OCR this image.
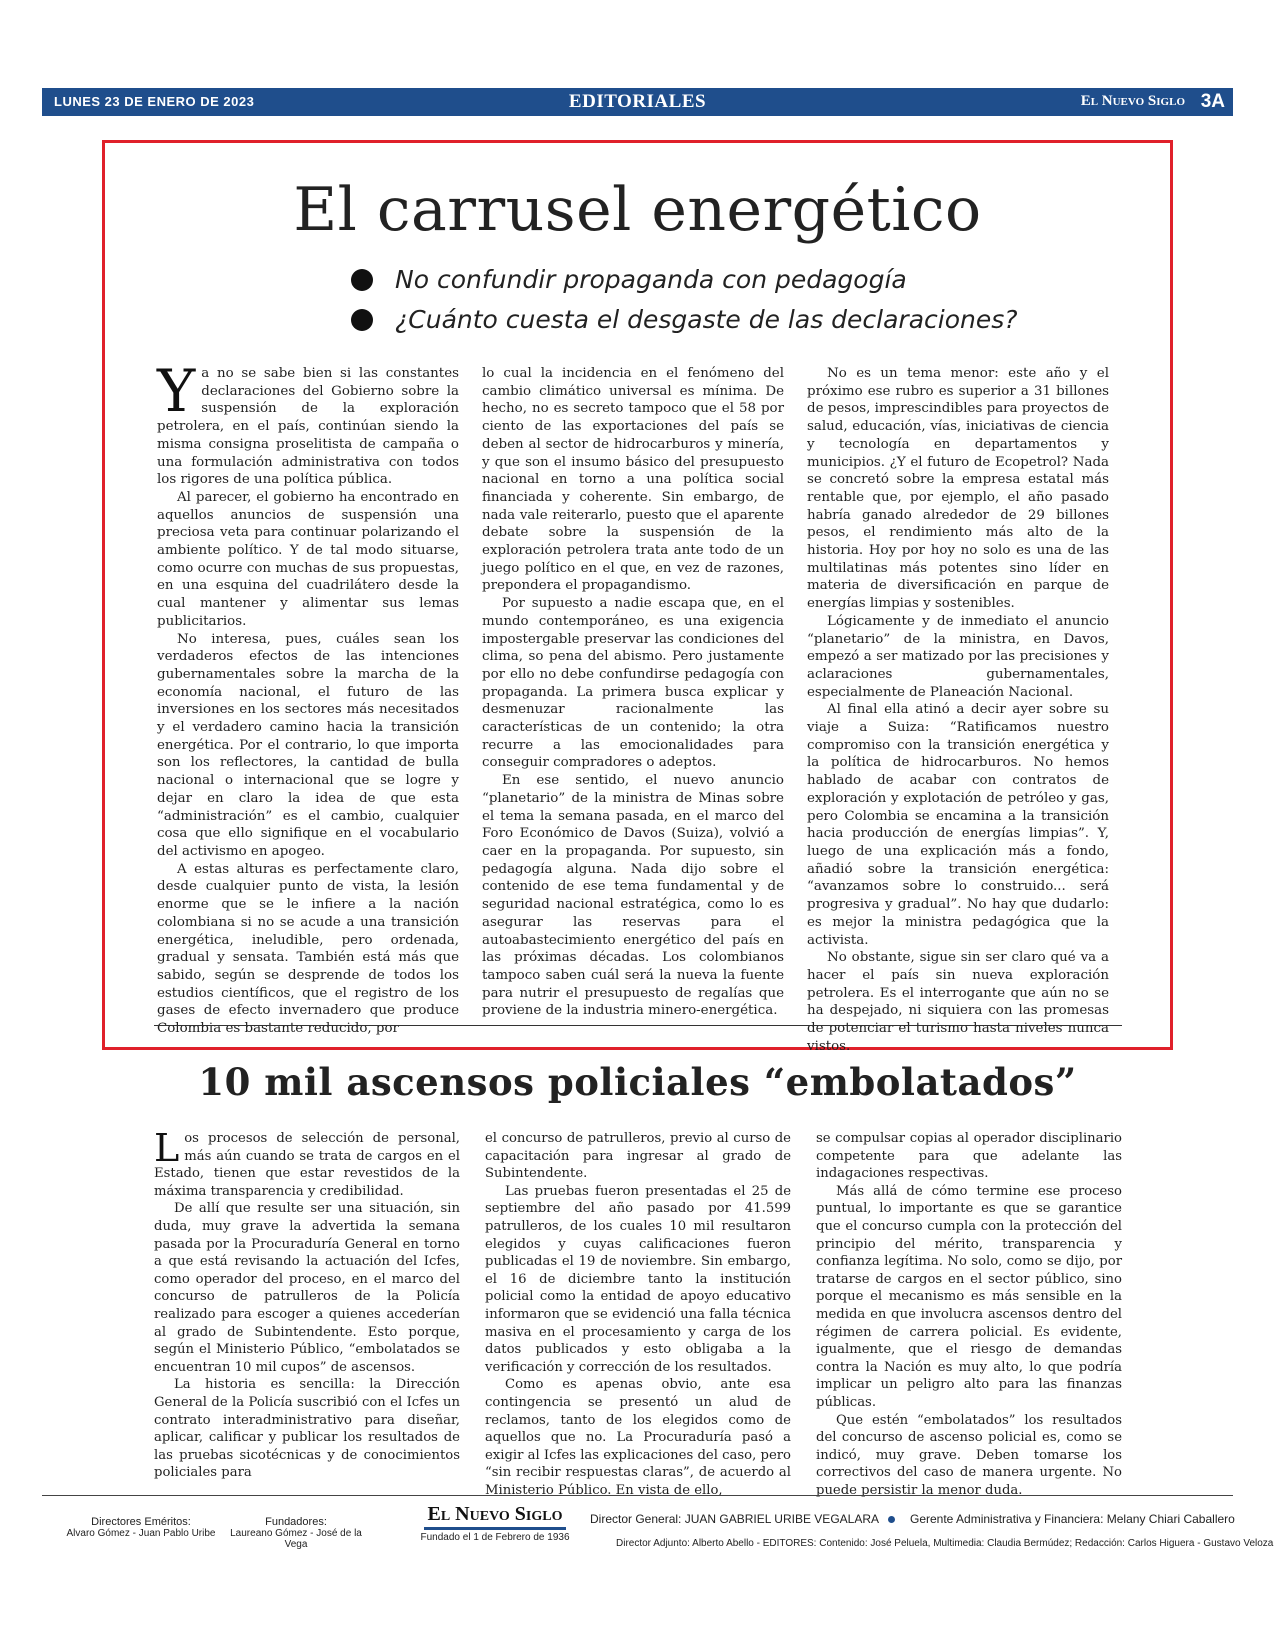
LUNES 23 DE ENERO DE 2023	EDITORIALES	El Nuevo Siglo 3A
El carrusel energético
No confundir propaganda con pedagogía
¿Cuánto cuesta el desgaste de las declaraciones?

Ya no se sabe bien si las constantes declaraciones del Gobierno sobre la suspensión de la exploración petrolera, en el país, continúan siendo la misma consigna proselitista de campaña o una formulación administrativa con todos los rigores de una política pública.

Al parecer, el gobierno ha encontrado en aquellos anuncios de suspensión una preciosa veta para continuar polarizando el ambiente político. Y de tal modo situarse, como ocurre con muchas de sus propuestas, en una esquina del cuadrilátero desde la cual mantener y alimentar sus lemas publicitarios.

No interesa, pues, cuáles sean los verdaderos efectos de las intenciones gubernamentales sobre la marcha de la economía nacional, el futuro de las inversiones en los sectores más necesitados y el verdadero camino hacia la transición energética. Por el contrario, lo que importa son los reflectores, la cantidad de bulla nacional o internacional que se logre y dejar en claro la idea de que esta “administración” es el cambio, cualquier cosa que ello signifique en el vocabulario del activismo en apogeo.

A estas alturas es perfectamente claro, desde cualquier punto de vista, la lesión enorme que se le infiere a la nación colombiana si no se acude a una transición energética, ineludible, pero ordenada, gradual y sensata. También está más que sabido, según se desprende de todos los estudios científicos, que el registro de los gases de efecto invernadero que produce Colombia es bastante reducido, por

lo cual la incidencia en el fenómeno del cambio climático universal es mínima. De hecho, no es secreto tampoco que el 58 por ciento de las exportaciones del país se deben al sector de hidrocarburos y minería, y que son el insumo básico del presupuesto nacional en torno a una política social financiada y coherente. Sin embargo, de nada vale reiterarlo, puesto que el aparente debate sobre la suspensión de la exploración petrolera trata ante todo de un juego político en el que, en vez de razones, prepondera el propagandismo.

Por supuesto a nadie escapa que, en el mundo contemporáneo, es una exigencia impostergable preservar las condiciones del clima, so pena del abismo. Pero justamente por ello no debe confundirse pedagogía con propaganda. La primera busca explicar y desmenuzar racionalmente las características de un contenido; la otra recurre a las emocionalidades para conseguir compradores o adeptos.

En ese sentido, el nuevo anuncio “planetario” de la ministra de Minas sobre el tema la semana pasada, en el marco del Foro Económico de Davos (Suiza), volvió a caer en la propaganda. Por supuesto, sin pedagogía alguna. Nada dijo sobre el contenido de ese tema fundamental y de seguridad nacional estratégica, como lo es asegurar las reservas para el autoabastecimiento energético del país en las próximas décadas. Los colombianos tampoco saben cuál será la nueva la fuente para nutrir el presupuesto de regalías que proviene de la industria minero-energética.

No es un tema menor: este año y el próximo ese rubro es superior a 31 billones de pesos, imprescindibles para proyectos de salud, educación, vías, iniciativas de ciencia y tecnología en departamentos y municipios. ¿Y el futuro de Ecopetrol? Nada se concretó sobre la empresa estatal más rentable que, por ejemplo, el año pasado habría ganado alrededor de 29 billones pesos, el rendimiento más alto de la historia. Hoy por hoy no solo es una de las multilatinas más potentes sino líder en materia de diversificación en parque de energías limpias y sostenibles.

Lógicamente y de inmediato el anuncio “planetario” de la ministra, en Davos, empezó a ser matizado por las precisiones y aclaraciones gubernamentales, especialmente de Planeación Nacional.

Al final ella atinó a decir ayer sobre su viaje a Suiza: “Ratificamos nuestro compromiso con la transición energética y la política de hidrocarburos. No hemos hablado de acabar con contratos de exploración y explotación de petróleo y gas, pero Colombia se encamina a la transición hacia producción de energías limpias”. Y, luego de una explicación más a fondo, añadió sobre la transición energética: “avanzamos sobre lo construido... será progresiva y gradual”. No hay que dudarlo: es mejor la ministra pedagógica que la activista.

No obstante, sigue sin ser claro qué va a hacer el país sin nueva exploración petrolera. Es el interrogante que aún no se ha despejado, ni siquiera con las promesas de potenciar el turismo hasta niveles nunca vistos.

10 mil ascensos policiales “embolatados”

Los procesos de selección de personal, más aún cuando se trata de cargos en el Estado, tienen que estar revestidos de la máxima transparencia y credibilidad.

De allí que resulte ser una situación, sin duda, muy grave la advertida la semana pasada por la Procuraduría General en torno a que está revisando la actuación del Icfes, como operador del proceso, en el marco del concurso de patrulleros de la Policía realizado para escoger a quienes accederían al grado de Subintendente. Esto porque, según el Ministerio Público, “embolatados se encuentran 10 mil cupos” de ascensos.

La historia es sencilla: la Dirección General de la Policía suscribió con el Icfes un contrato interadministrativo para diseñar, aplicar, calificar y publicar los resultados de las pruebas sicotécnicas y de conocimientos policiales para

el concurso de patrulleros, previo al curso de capacitación para ingresar al grado de Subintendente.

Las pruebas fueron presentadas el 25 de septiembre del año pasado por 41.599 patrulleros, de los cuales 10 mil resultaron elegidos y cuyas calificaciones fueron publicadas el 19 de noviembre. Sin embargo, el 16 de diciembre tanto la institución policial como la entidad de apoyo educativo informaron que se evidenció una falla técnica masiva en el procesamiento y carga de los datos publicados y esto obligaba a la verificación y corrección de los resultados.

Como es apenas obvio, ante esa contingencia se presentó un alud de reclamos, tanto de los elegidos como de aquellos que no. La Procuraduría pasó a exigir al Icfes las explicaciones del caso, pero “sin recibir respuestas claras”, de acuerdo al Ministerio Público. En vista de ello,

se compulsar copias al operador disciplinario competente para que adelante las indagaciones respectivas.

Más allá de cómo termine ese proceso puntual, lo importante es que se garantice que el concurso cumpla con la protección del principio del mérito, transparencia y confianza legítima. No solo, como se dijo, por tratarse de cargos en el sector público, sino porque el mecanismo es más sensible en la medida en que involucra ascensos dentro del régimen de carrera policial. Es evidente, igualmente, que el riesgo de demandas contra la Nación es muy alto, lo que podría implicar un peligro alto para las finanzas públicas.

Que estén “embolatados” los resultados del concurso de ascenso policial es, como se indicó, muy grave. Deben tomarse los correctivos del caso de manera urgente. No puede persistir la menor duda.

Directores Eméritos:
Alvaro Gómez - Juan Pablo Uribe
Fundadores:
Laureano Gómez - José de la Vega
El Nuevo Siglo
Fundado el 1 de Febrero de 1936
Director General: JUAN GABRIEL URIBE VEGALARA	Gerente Administrativa y Financiera: Melany Chiari Caballero
Director Adjunto: Alberto Abello - EDITORES: Contenido: José Peluela, Multimedia: Claudia Bermúdez; Redacción: Carlos Higuera - Gustavo Veloza
